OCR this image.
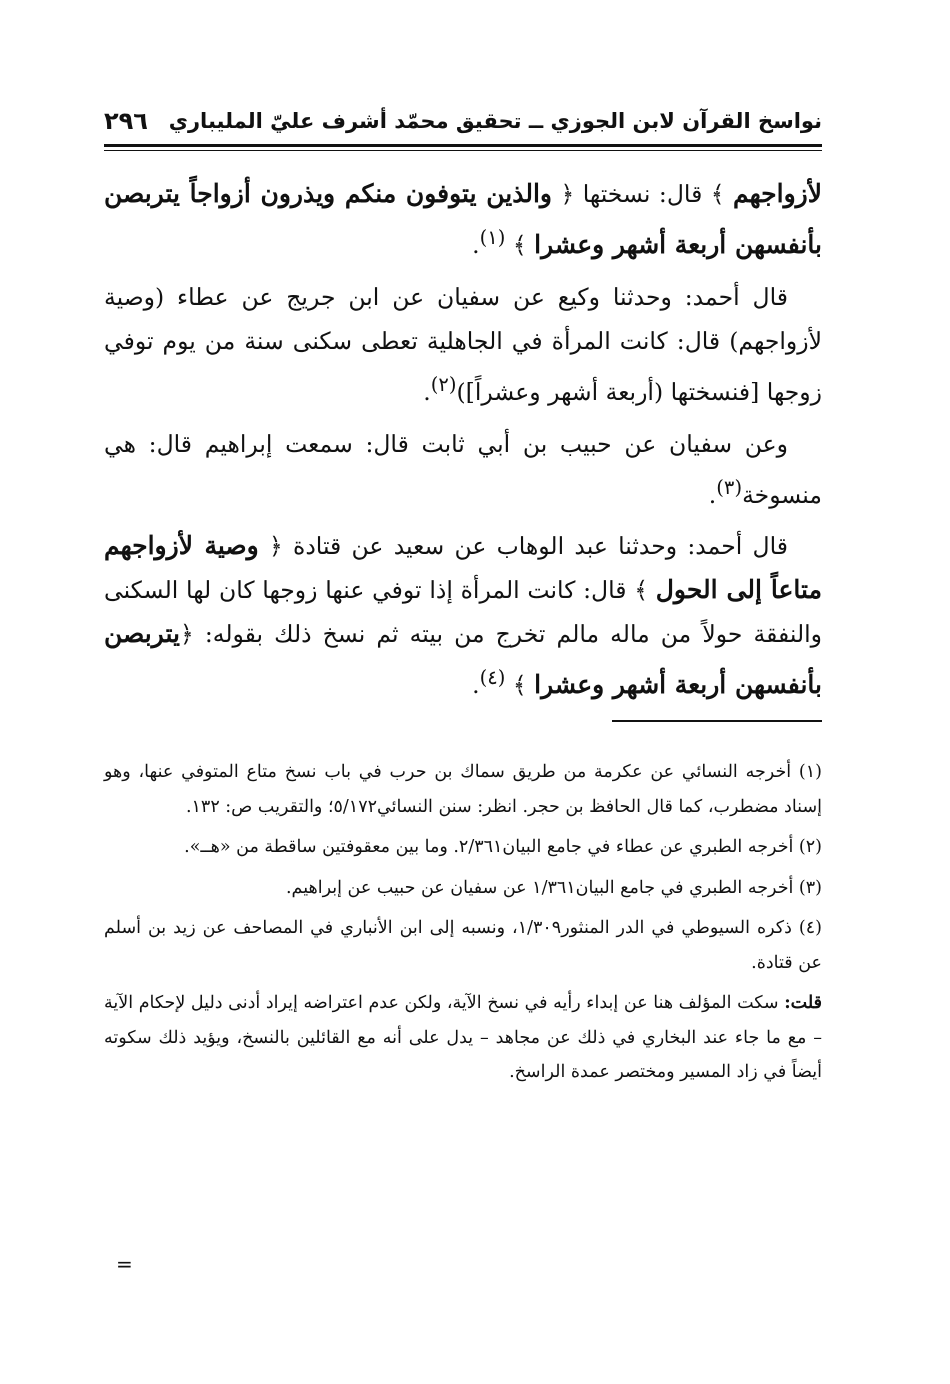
نواسخ القرآن لابن الجوزي ــ تحقيق محمّد أشرف عليّ المليباري
٢٩٦

لأزواجهم ﴾ قال: نسختها ﴿ والذين يتوفون منكم ويذرون أزواجاً يتربصن بأنفسهن أربعة أشهر وعشرا ﴾ $^{(١)}$.

قال أحمد: وحدثنا وكيع عن سفيان عن ابن جريج عن عطاء (وصية لأزواجهم) قال: كانت المرأة في الجاهلية تعطى سكنى سنة من يوم توفي زوجها [فنسختها (أربعة أشهر وعشراً])$^{(٢)}$.

وعن سفيان عن حبيب بن أبي ثابت قال: سمعت إبراهيم قال: هي منسوخة$^{(٣)}$.

قال أحمد: وحدثنا عبد الوهاب عن سعيد عن قتادة ﴿ وصية لأزواجهم متاعاً إلى الحول ﴾ قال: كانت المرأة إذا توفي عنها زوجها كان لها السكنى والنفقة حولاً من ماله مالم تخرج من بيته ثم نسخ ذلك بقوله: ﴿يتربصن بأنفسهن أربعة أشهر وعشرا ﴾ $^{(٤)}$.

(١) أخرجه النسائي عن عكرمة من طريق سماك بن حرب في باب نسخ متاع المتوفي عنها، وهو إسناد مضطرب، كما قال الحافظ بن حجر. انظر: سنن النسائي٥/١٧٢؛ والتقريب ص: ١٣٢.

(٢) أخرجه الطبري عن عطاء في جامع البيان٢/٣٦١. وما بين معقوفتين ساقطة من «هــ».

(٣) أخرجه الطبري في جامع البيان١/٣٦١ عن سفيان عن حبيب عن إبراهيم.

(٤) ذكره السيوطي في الدر المنثور١/٣٠٩، ونسبه إلى ابن الأنباري في المصاحف عن زيد بن أسلم عن قتادة.

قلت: سكت المؤلف هنا عن إبداء رأيه في نسخ الآية، ولكن عدم اعتراضه إيراد أدنى دليل لإحكام الآية – مع ما جاء عند البخاري في ذلك عن مجاهد – يدل على أنه مع القائلين بالنسخ، ويؤيد ذلك سكوته أيضاً في زاد المسير ومختصر عمدة الراسخ.

=
